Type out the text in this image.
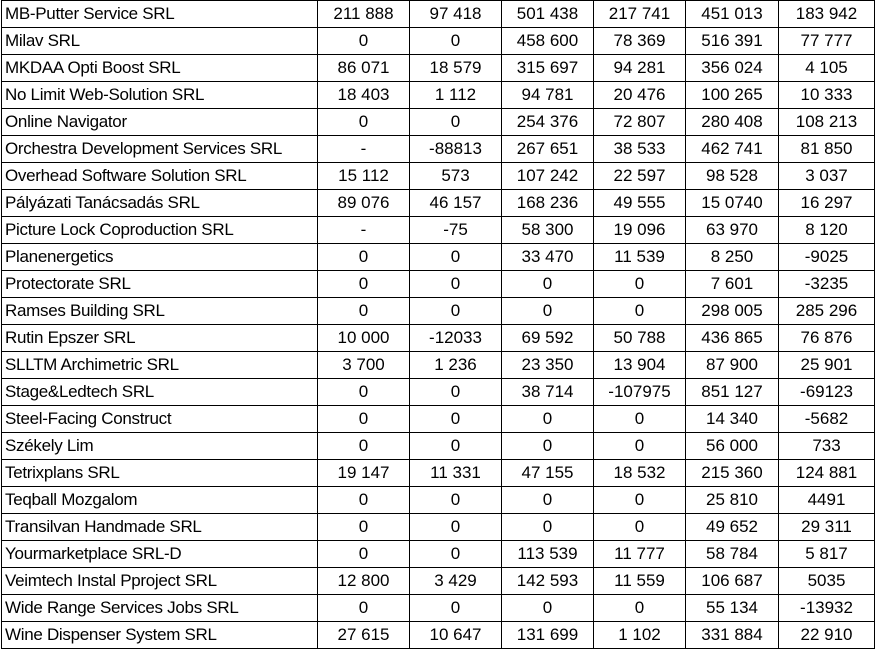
MB-Putter Service SRL	211 888	97 418	501 438	217 741	451 013	183 942
Milav SRL	0	0	458 600	78 369	516 391	77 777
MKDAA Opti Boost SRL	86 071	18 579	315 697	94 281	356 024	4 105
No Limit Web-Solution SRL	18 403	1 112	94 781	20 476	100 265	10 333
Online Navigator	0	0	254 376	72 807	280 408	108 213
Orchestra Development Services SRL	-	-88813	267 651	38 533	462 741	81 850
Overhead Software Solution SRL	15 112	573	107 242	22 597	98 528	3 037
Pályázati Tanácsadás SRL	89 076	46 157	168 236	49 555	15 0740	16 297
Picture Lock Coproduction SRL	-	-75	58 300	19 096	63 970	8 120
Planenergetics	0	0	33 470	11 539	8 250	-9025
Protectorate SRL	0	0	0	0	7 601	-3235
Ramses Building SRL	0	0	0	0	298 005	285 296
Rutin Epszer SRL	10 000	-12033	69 592	50 788	436 865	76 876
SLLTM Archimetric SRL	3 700	1 236	23 350	13 904	87 900	25 901
Stage&Ledtech SRL	0	0	38 714	-107975	851 127	-69123
Steel-Facing Construct	0	0	0	0	14 340	-5682
Székely Lim	0	0	0	0	56 000	733
Tetrixplans SRL	19 147	11 331	47 155	18 532	215 360	124 881
Teqball Mozgalom	0	0	0	0	25 810	4491
Transilvan Handmade SRL	0	0	0	0	49 652	29 311
Yourmarketplace SRL-D	0	0	113 539	11 777	58 784	5 817
Veimtech Instal Pproject SRL	12 800	3 429	142 593	11 559	106 687	5035
Wide Range Services Jobs SRL	0	0	0	0	55 134	-13932
Wine Dispenser System SRL	27 615	10 647	131 699	1 102	331 884	22 910
